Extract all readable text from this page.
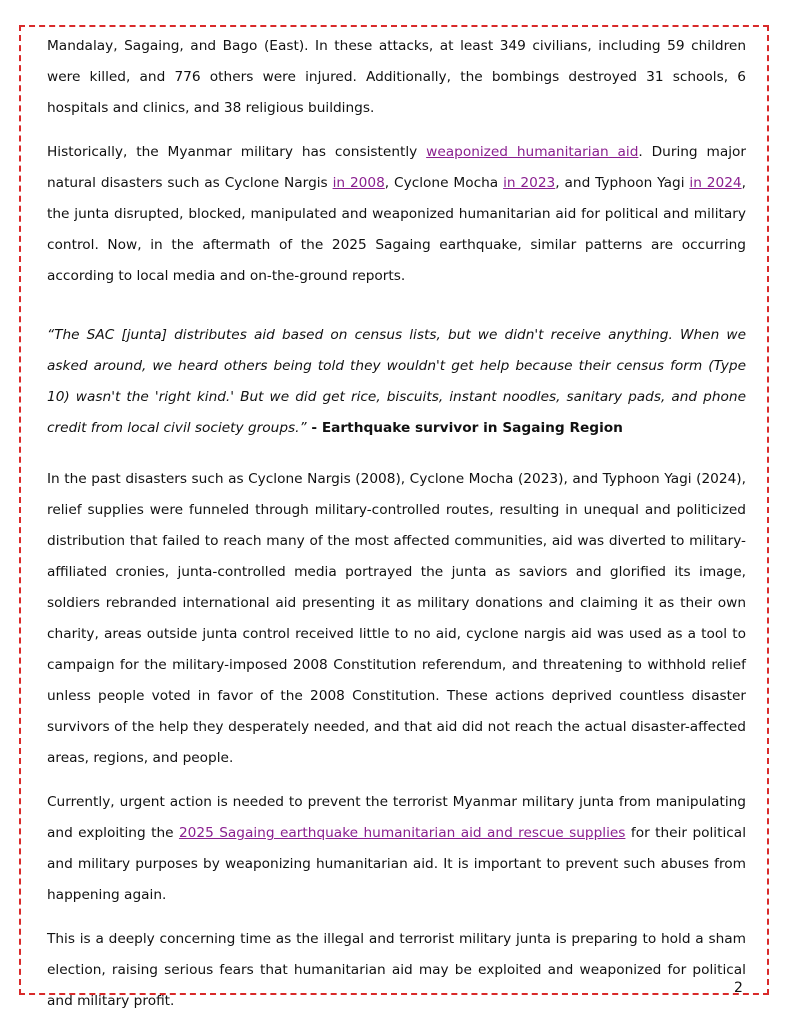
Mandalay, Sagaing, and Bago (East). In these attacks, at least 349 civilians, including 59 children were killed, and 776 others were injured. Additionally, the bombings destroyed 31 schools, 6 hospitals and clinics, and 38 religious buildings.

Historically, the Myanmar military has consistently weaponized humanitarian aid. During major natural disasters such as Cyclone Nargis in 2008, Cyclone Mocha in 2023, and Typhoon Yagi in 2024, the junta disrupted, blocked, manipulated and weaponized humanitarian aid for political and military control. Now, in the aftermath of the 2025 Sagaing earthquake, similar patterns are occurring according to local media and on-the-ground reports.

“The SAC [junta] distributes aid based on census lists, but we didn't receive anything. When we asked around, we heard others being told they wouldn't get help because their census form (Type 10) wasn't the 'right kind.' But we did get rice, biscuits, instant noodles, sanitary pads, and phone credit from local civil society groups.” - Earthquake survivor in Sagaing Region

In the past disasters such as Cyclone Nargis (2008), Cyclone Mocha (2023), and Typhoon Yagi (2024), relief supplies were funneled through military-controlled routes, resulting in unequal and politicized distribution that failed to reach many of the most affected communities, aid was diverted to military-affiliated cronies, junta-controlled media portrayed the junta as saviors and glorified its image, soldiers rebranded international aid presenting it as military donations and claiming it as their own charity, areas outside junta control received little to no aid, cyclone nargis aid was used as a tool to campaign for the military-imposed 2008 Constitution referendum, and threatening to withhold relief unless people voted in favor of the 2008 Constitution. These actions deprived countless disaster survivors of the help they desperately needed, and that aid did not reach the actual disaster-affected areas, regions, and people.

Currently, urgent action is needed to prevent the terrorist Myanmar military junta from manipulating and exploiting the 2025 Sagaing earthquake humanitarian aid and rescue supplies for their political and military purposes by weaponizing humanitarian aid. It is important to prevent such abuses from happening again.

This is a deeply concerning time as the illegal and terrorist military junta is preparing to hold a sham election, raising serious fears that humanitarian aid may be exploited and weaponized for political and military profit.

2
